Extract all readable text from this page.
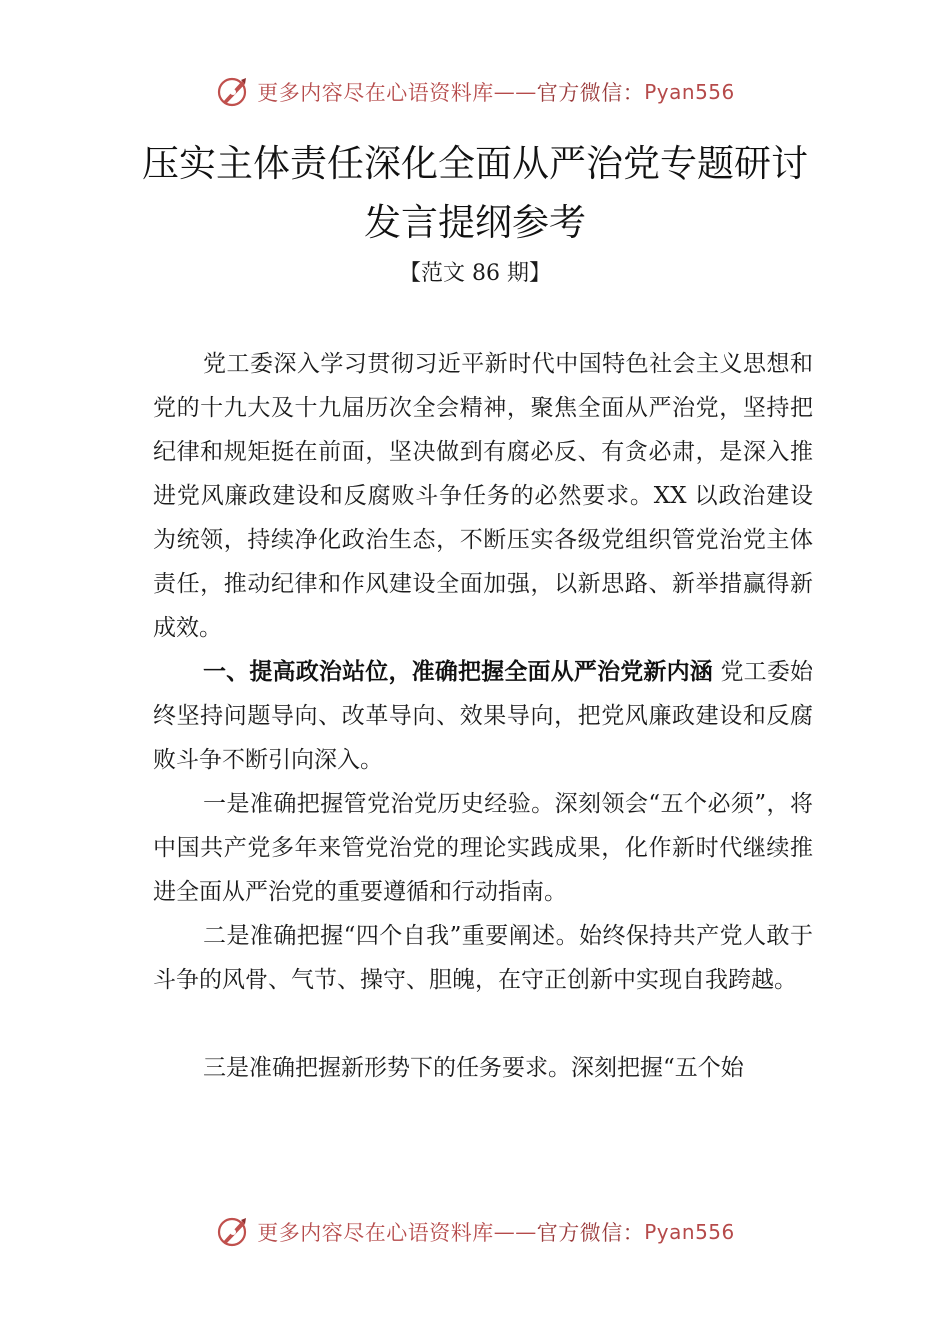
更多内容尽在心语资料库 —— 官方微信： Pyan556
压实主体责任深化全面从严治党专题研讨
发言提纲参考
【范文 86 期】

党工委深入学习贯彻习近平新时代中国特色社会主义思想和党的十九大及十九届历次全会精神，聚焦全面从严治党，坚持把纪律和规矩挺在前面，坚决做到有腐必反、有贪必肃，是深入推进党风廉政建设和反腐败斗争任务的必然要求。XX 以政治建设为统领，持续净化政治生态，不断压实各级党组织管党治党主体责任，推动纪律和作风建设全面加强，以新思路、新举措赢得新成效。

一、提高政治站位，准确把握全面从严治党新内涵 党工委始终坚持问题导向、改革导向、效果导向，把党风廉政建设和反腐败斗争不断引向深入。

一是准确把握管党治党历史经验。深刻领会“五个必须”，将中国共产党多年来管党治党的理论实践成果，化作新时代继续推进全面从严治党的重要遵循和行动指南。

二是准确把握“四个自我”重要阐述。始终保持共产党人敢于斗争的风骨、气节、操守、胆魄，在守正创新中实现自我跨越。

三是准确把握新形势下的任务要求。深刻把握“五个始

更多内容尽在心语资料库 —— 官方微信： Pyan556
